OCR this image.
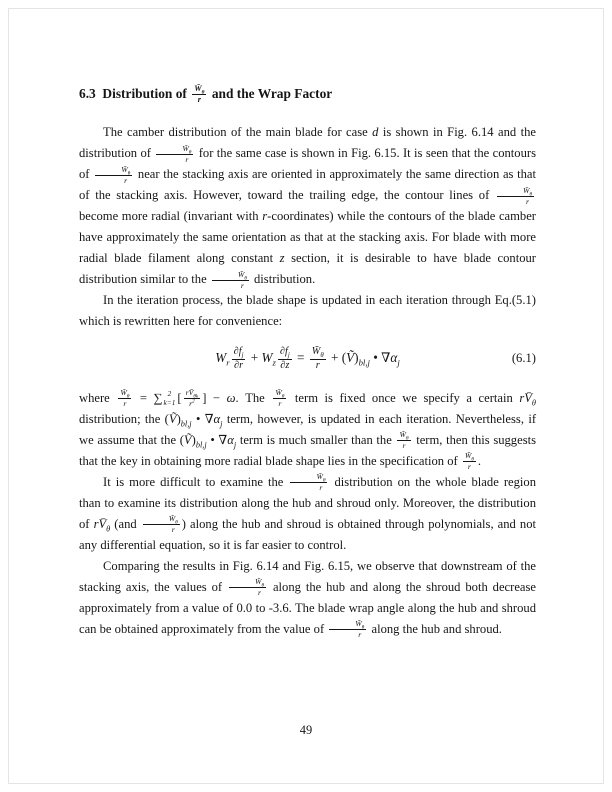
6.3  Distribution of $\frac{W̄_\theta}{r}$ and the Wrap Factor

The camber distribution of the main blade for case d is shown in Fig. 6.14 and the distribution of $\frac{W̄_\theta}{r}$ for the same case is shown in Fig. 6.15. It is seen that the contours of $\frac{W̄_\theta}{r}$ near the stacking axis are oriented in approximately the same direction as that of the stacking axis. However, toward the trailing edge, the contour lines of $\frac{W̄_\theta}{r}$
become more radial (invariant with r-coordinates) while the contours of the blade camber have approximately the same orientation as that at the stacking axis. For blade with more radial blade filament along constant z section, it is desirable to have blade contour distribution similar to the $\frac{W̄_\theta}{r}$ distribution.

In the iteration process, the blade shape is updated in each iteration through Eq.(5.1) which is rewritten here for convenience:

$W_r \frac{\partial f_j}{\partial r} + W_z \frac{\partial f_j}{\partial z} = \frac{W̄_\theta}{r}$ + $(Ṽ)_{bl,j}$ • $\nabla\alpha_j$	(6.1)

where $\frac{W̄_\theta}{r}$ = ∑ 2
k=1 [ $\frac{rV̄_{\theta k}}{r^2}$ ] − ω. The $\frac{W̄_\theta}{r}$ term is fixed once we specify a certain $rV̄_\theta$ distribution; the $(Ṽ)_{bl,j}$ • $\nabla\alpha_j$ term, however, is updated in each iteration. Nevertheless, if we assume that the $(Ṽ)_{bl,j}$ • $\nabla\alpha_j$ term is much smaller than the $\frac{W̄_\theta}{r}$ term, then this suggests that the key in obtaining more radial blade shape lies in the specification of $\frac{W̄_\theta}{r}$ .

It is more difficult to examine the $\frac{W̄_\theta}{r}$ distribution on the whole blade region than to examine its distribution along the hub and shroud only. Moreover, the distribution of $rV̄_\theta$ ($and \frac{W̄_\theta}{r}$ ) along the hub and shroud is obtained through polynomials, and not any differential equation, so it is far easier to control.

Comparing the results in Fig. 6.14 and Fig. 6.15, we observe that downstream of the stacking axis, the values of $\frac{W̄_\theta}{r}$ along the hub and along the shroud both decrease approximately from a value of 0.0 to -3.6. The blade wrap angle along the hub and shroud can be obtained approximately from the value of $\frac{W̄_\theta}{r}$ along the hub and shroud.

49
